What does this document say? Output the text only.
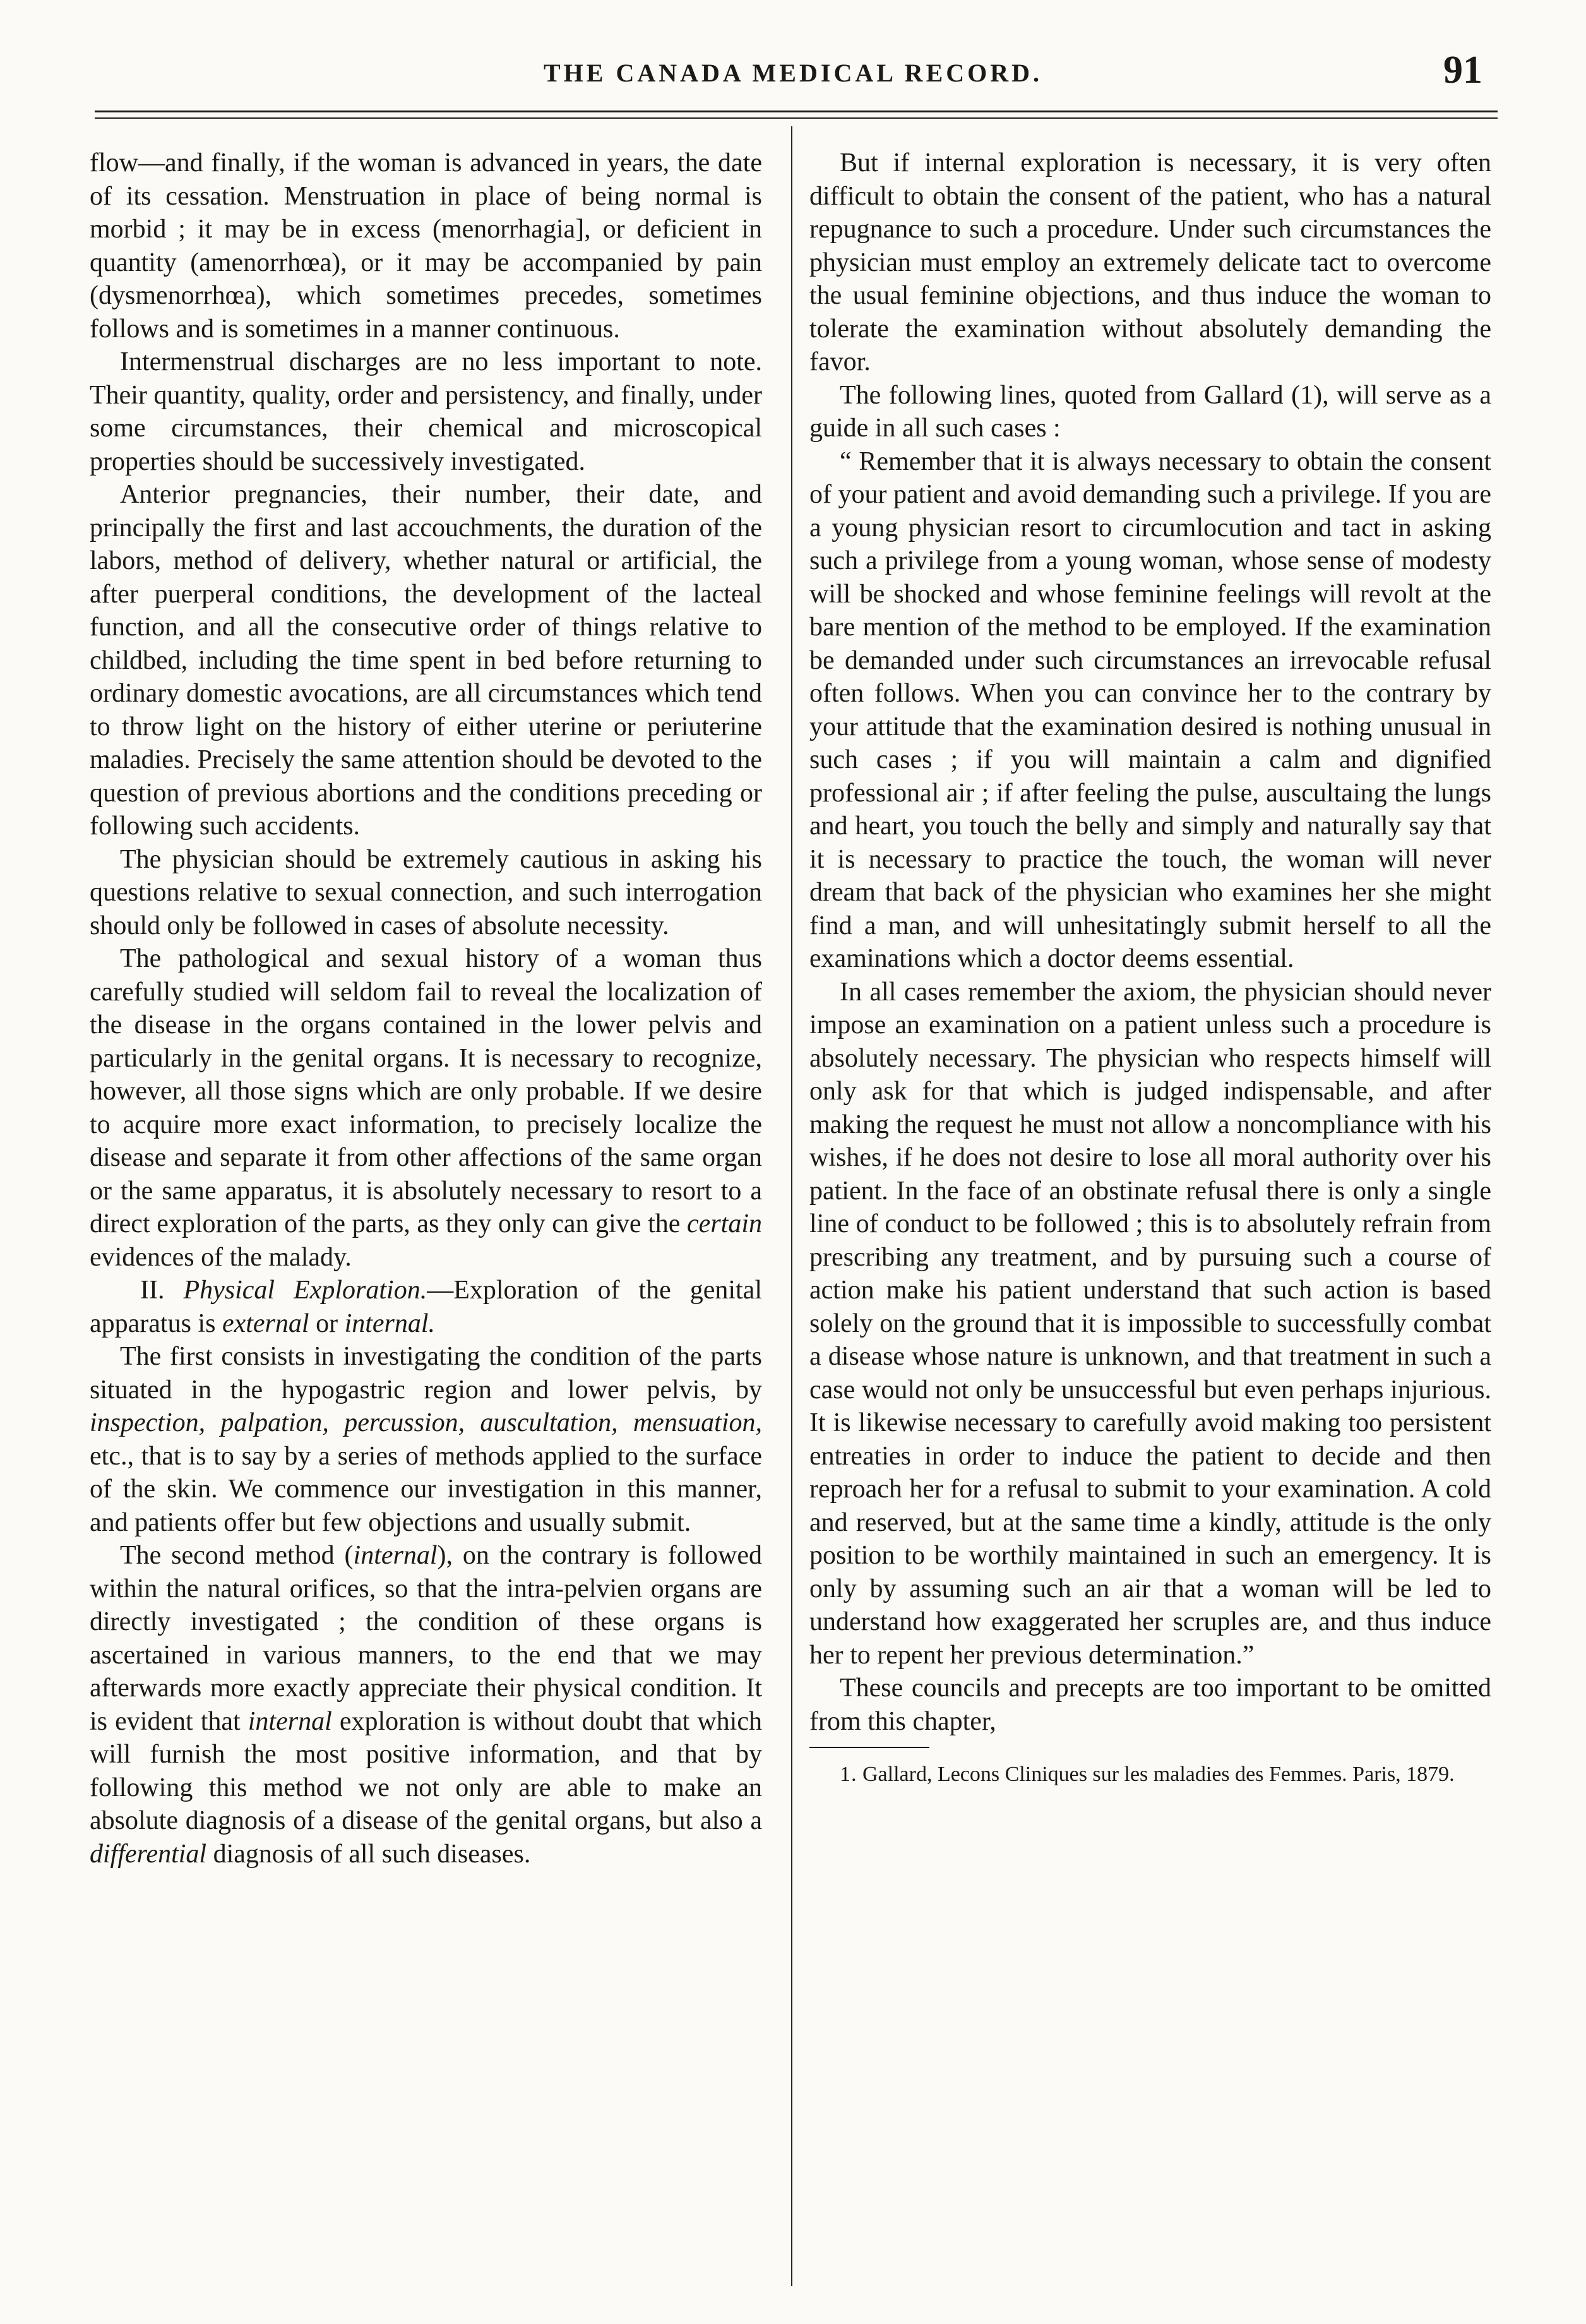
THE CANADA MEDICAL RECORD.	91

flow—and finally, if the woman is advanced in years, the date of its cessation. Menstruation in place of being normal is morbid ; it may be in excess (menorrhagia], or deficient in quantity (amenorrhœa), or it may be accompanied by pain (dysmenorrhœa), which sometimes precedes, sometimes follows and is sometimes in a manner continuous.

Intermenstrual discharges are no less important to note. Their quantity, quality, order and persistency, and finally, under some circumstances, their chemical and microscopical properties should be successively investigated.

Anterior pregnancies, their number, their date, and principally the first and last accouchments, the duration of the labors, method of delivery, whether natural or artificial, the after puerperal conditions, the development of the lacteal function, and all the consecutive order of things relative to childbed, including the time spent in bed before returning to ordinary domestic avocations, are all circumstances which tend to throw light on the history of either uterine or periuterine maladies. Precisely the same attention should be devoted to the question of previous abortions and the conditions preceding or following such accidents.

The physician should be extremely cautious in asking his questions relative to sexual connection, and such interrogation should only be followed in cases of absolute necessity.

The pathological and sexual history of a woman thus carefully studied will seldom fail to reveal the localization of the disease in the organs contained in the lower pelvis and particularly in the genital organs. It is necessary to recognize, however, all those signs which are only probable. If we desire to acquire more exact information, to precisely localize the disease and separate it from other affections of the same organ or the same apparatus, it is absolutely necessary to resort to a direct exploration of the parts, as they only can give the certain evidences of the malady.

II. Physical Exploration.—Exploration of the genital apparatus is external or internal.

The first consists in investigating the condition of the parts situated in the hypogastric region and lower pelvis, by inspection, palpation, percussion, auscultation, mensuation, etc., that is to say by a series of methods applied to the surface of the skin. We commence our investigation in this manner, and patients offer but few objections and usually submit.

The second method (internal), on the contrary is followed within the natural orifices, so that the intra-pelvien organs are directly investigated ; the condition of these organs is ascertained in various manners, to the end that we may afterwards more exactly appreciate their physical condition. It is evident that internal exploration is without doubt that which will furnish the most positive information, and that by following this method we not only are able to make an absolute diagnosis of a disease of the genital organs, but also a differential diagnosis of all such diseases.

But if internal exploration is necessary, it is very often difficult to obtain the consent of the patient, who has a natural repugnance to such a procedure. Under such circumstances the physician must employ an extremely delicate tact to overcome the usual feminine objections, and thus induce the woman to tolerate the examination without absolutely demanding the favor.

The following lines, quoted from Gallard (1), will serve as a guide in all such cases :

“ Remember that it is always necessary to obtain the consent of your patient and avoid demanding such a privilege. If you are a young physician resort to circumlocution and tact in asking such a privilege from a young woman, whose sense of modesty will be shocked and whose feminine feelings will revolt at the bare mention of the method to be employed. If the examination be demanded under such circumstances an irrevocable refusal often follows. When you can convince her to the contrary by your attitude that the examination desired is nothing unusual in such cases ; if you will maintain a calm and dignified professional air ; if after feeling the pulse, auscultaing the lungs and heart, you touch the belly and simply and naturally say that it is necessary to practice the touch, the woman will never dream that back of the physician who examines her she might find a man, and will unhesitatingly submit herself to all the examinations which a doctor deems essential.

In all cases remember the axiom, the physician should never impose an examination on a patient unless such a procedure is absolutely necessary. The physician who respects himself will only ask for that which is judged indispensable, and after making the request he must not allow a noncompliance with his wishes, if he does not desire to lose all moral authority over his patient. In the face of an obstinate refusal there is only a single line of conduct to be followed ; this is to absolutely refrain from prescribing any treatment, and by pursuing such a course of action make his patient understand that such action is based solely on the ground that it is impossible to successfully combat a disease whose nature is unknown, and that treatment in such a case would not only be unsuccessful but even perhaps injurious. It is likewise necessary to carefully avoid making too persistent entreaties in order to induce the patient to decide and then reproach her for a refusal to submit to your examination. A cold and reserved, but at the same time a kindly, attitude is the only position to be worthily maintained in such an emergency. It is only by assuming such an air that a woman will be led to understand how exaggerated her scruples are, and thus induce her to repent her previous determination.”

These councils and precepts are too important to be omitted from this chapter,

1. Gallard, Lecons Cliniques sur les maladies des Femmes. Paris, 1879.
